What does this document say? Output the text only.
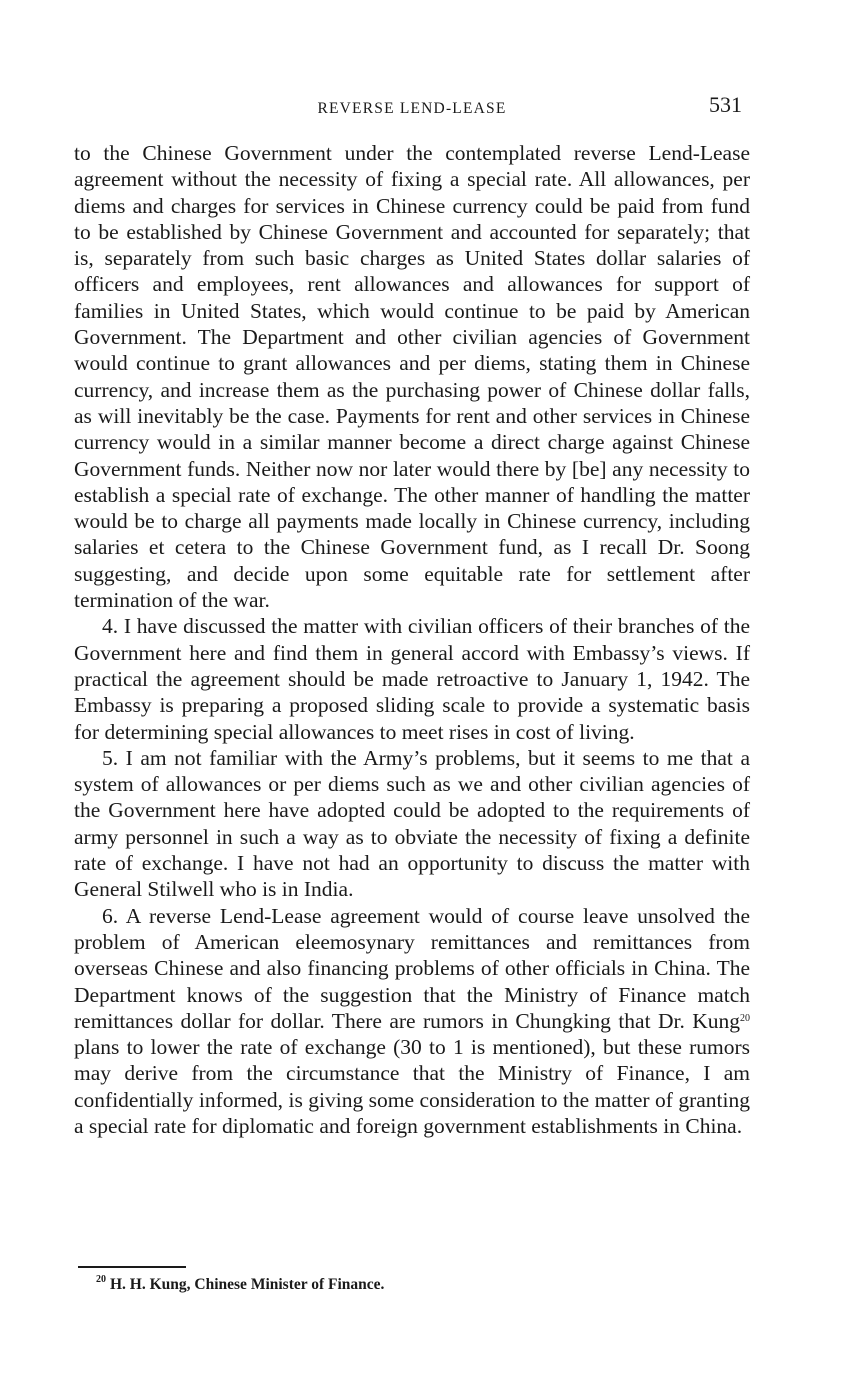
REVERSE LEND-LEASE	531

to the Chinese Government under the contemplated reverse Lend-Lease agreement without the necessity of fixing a special rate. All allowances, per diems and charges for services in Chinese currency could be paid from fund to be established by Chinese Government and accounted for separately; that is, separately from such basic charges as United States dollar salaries of officers and employees, rent allowances and allowances for support of families in United States, which would continue to be paid by American Government. The Department and other civilian agencies of Government would continue to grant allowances and per diems, stating them in Chinese currency, and increase them as the purchasing power of Chinese dollar falls, as will inevitably be the case. Payments for rent and other services in Chinese currency would in a similar manner become a direct charge against Chinese Government funds. Neither now nor later would there by [be] any necessity to establish a special rate of exchange. The other manner of handling the matter would be to charge all payments made locally in Chinese currency, including salaries et cetera to the Chinese Government fund, as I recall Dr. Soong suggesting, and decide upon some equitable rate for settlement after termination of the war.

4. I have discussed the matter with civilian officers of their branches of the Government here and find them in general accord with Embassy’s views. If practical the agreement should be made retroactive to January 1, 1942. The Embassy is preparing a proposed sliding scale to provide a systematic basis for determining special allowances to meet rises in cost of living.

5. I am not familiar with the Army’s problems, but it seems to me that a system of allowances or per diems such as we and other civilian agencies of the Government here have adopted could be adopted to the requirements of army personnel in such a way as to obviate the necessity of fixing a definite rate of exchange. I have not had an opportunity to discuss the matter with General Stilwell who is in India.

6. A reverse Lend-Lease agreement would of course leave unsolved the problem of American eleemosynary remittances and remittances from overseas Chinese and also financing problems of other officials in China. The Department knows of the suggestion that the Ministry of Finance match remittances dollar for dollar. There are rumors in Chungking that Dr. Kung$^{20}$ plans to lower the rate of exchange (30 to 1 is mentioned), but these rumors may derive from the circumstance that the Ministry of Finance, I am confidentially informed, is giving some consideration to the matter of granting a special rate for diplomatic and foreign government establishments in China.

$^{20}$ H. H. Kung, Chinese Minister of Finance.
